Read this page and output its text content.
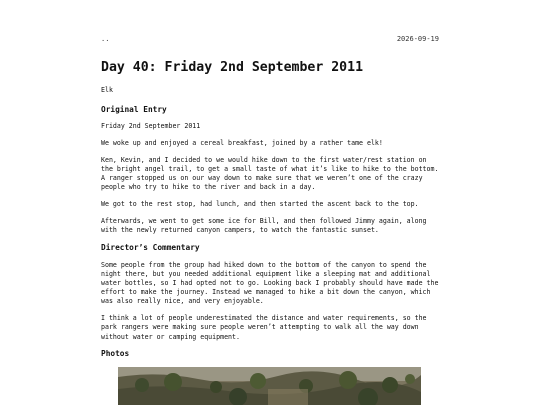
..	2026-09-19
Day 40: Friday 2nd September 2011

Elk

Original Entry

Friday 2nd September 2011

We woke up and enjoyed a cereal breakfast, joined by a rather tame elk!

Ken, Kevin, and I decided to we would hike down to the first water/rest station on the bright angel trail, to get a small taste of what it’s like to hike to the bottom. A ranger stopped us on our way down to make sure that we weren’t one of the crazy people who try to hike to the river and back in a day.

We got to the rest stop, had lunch, and then started the ascent back to the top.

Afterwards, we went to get some ice for Bill, and then followed Jimmy again, along with the newly returned canyon campers, to watch the fantastic sunset.

Director’s Commentary

Some people from the group had hiked down to the bottom of the canyon to spend the night there, but you needed additional equipment like a sleeping mat and additional water bottles, so I had opted not to go. Looking back I probably should have made the effort to make the journey. Instead we managed to hike a bit down the canyon, which was also really nice, and very enjoyable.

I think a lot of people underestimated the distance and water requirements, so the park rangers were making sure people weren’t attempting to walk all the way down without water or camping equipment.

Photos
